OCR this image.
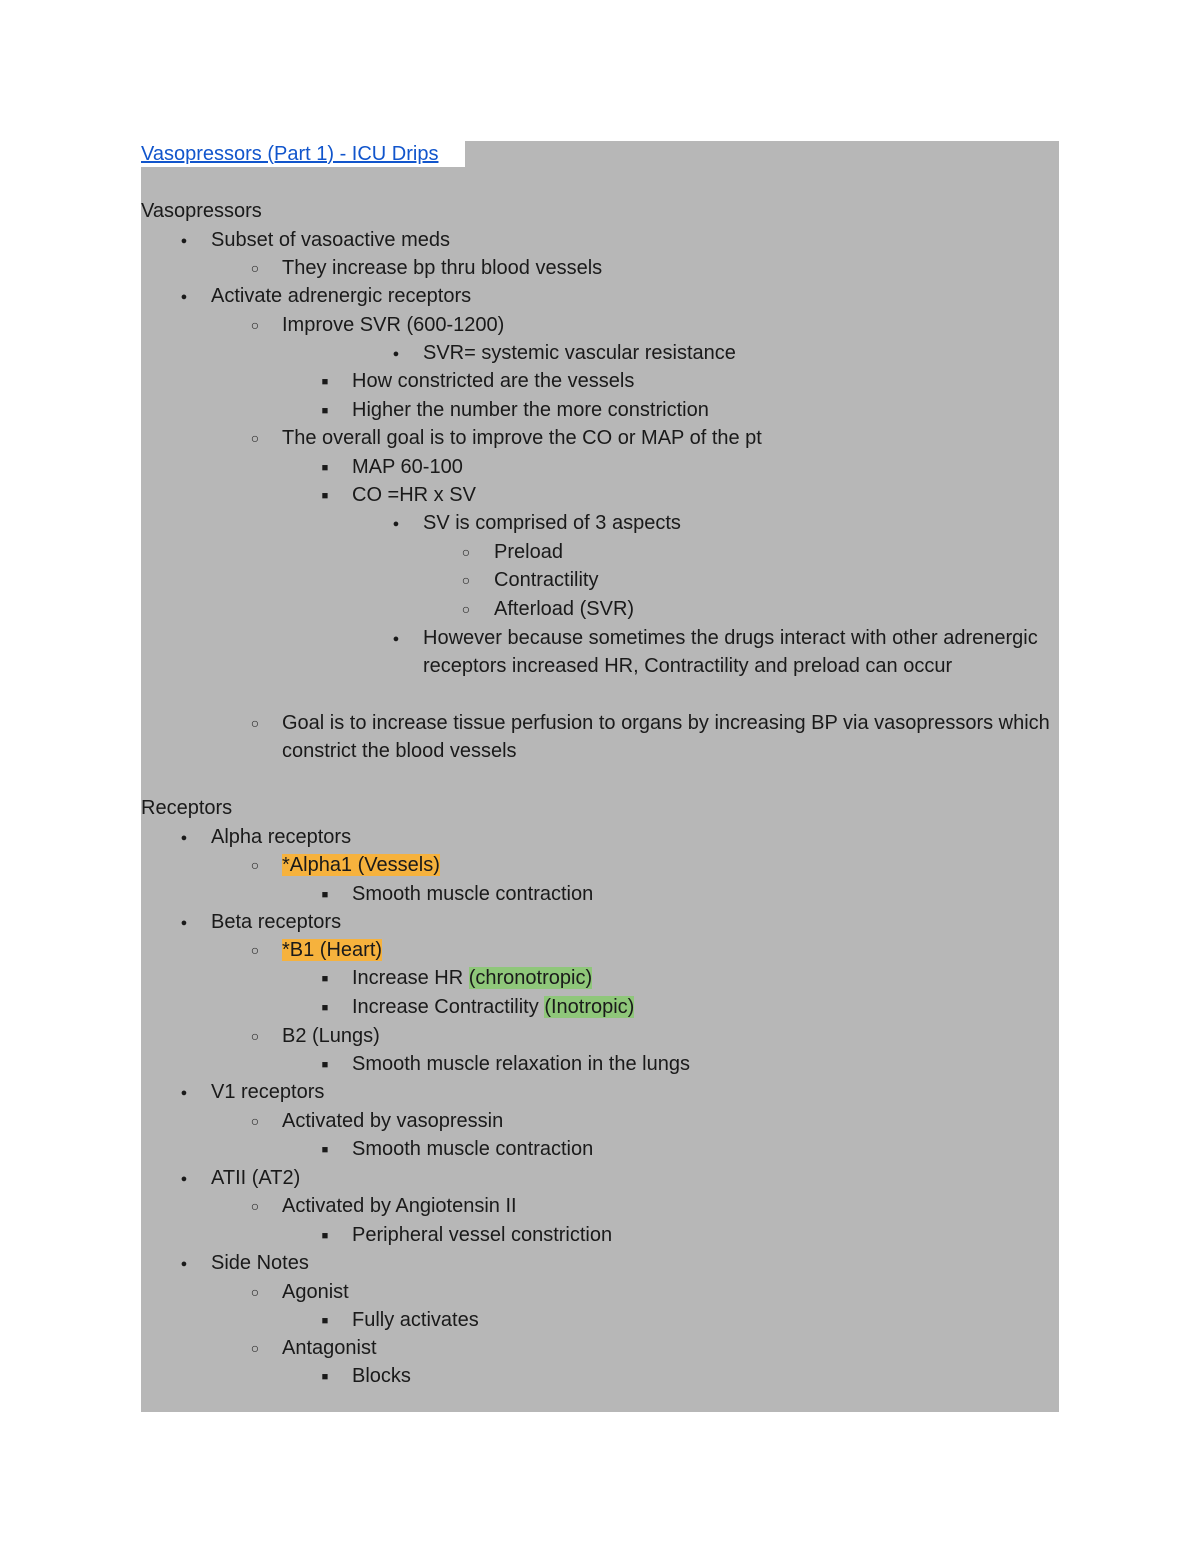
Vasopressors (Part 1) - ICU Drips
Vasopressors
●
Subset of vasoactive meds
○
They increase bp thru blood vessels
●
Activate adrenergic receptors
○
Improve SVR (600-1200)
●
SVR= systemic vascular resistance
■
How constricted are the vessels
■
Higher the number the more constriction
○
The overall goal is to improve the CO or MAP of the pt
■
MAP 60-100
■
CO =HR x SV
●
SV is comprised of 3 aspects
○
Preload
○
Contractility
○
Afterload (SVR)
●
However because sometimes the drugs interact with other adrenergic receptors increased HR, Contractility and preload can occur
○
Goal is to increase tissue perfusion to organs by increasing BP via vasopressors which constrict the blood vessels
Receptors
●
Alpha receptors
○
*Alpha1 (Vessels)
■
Smooth muscle contraction
●
Beta receptors
○
*B1 (Heart)
■
Increase HR (chronotropic)
■
Increase Contractility (Inotropic)
○
B2 (Lungs)
■
Smooth muscle relaxation in the lungs
●
V1 receptors
○
Activated by vasopressin
■
Smooth muscle contraction
●
ATII (AT2)
○
Activated by Angiotensin II
■
Peripheral vessel constriction
●
Side Notes
○
Agonist
■
Fully activates
○
Antagonist
■
Blocks
